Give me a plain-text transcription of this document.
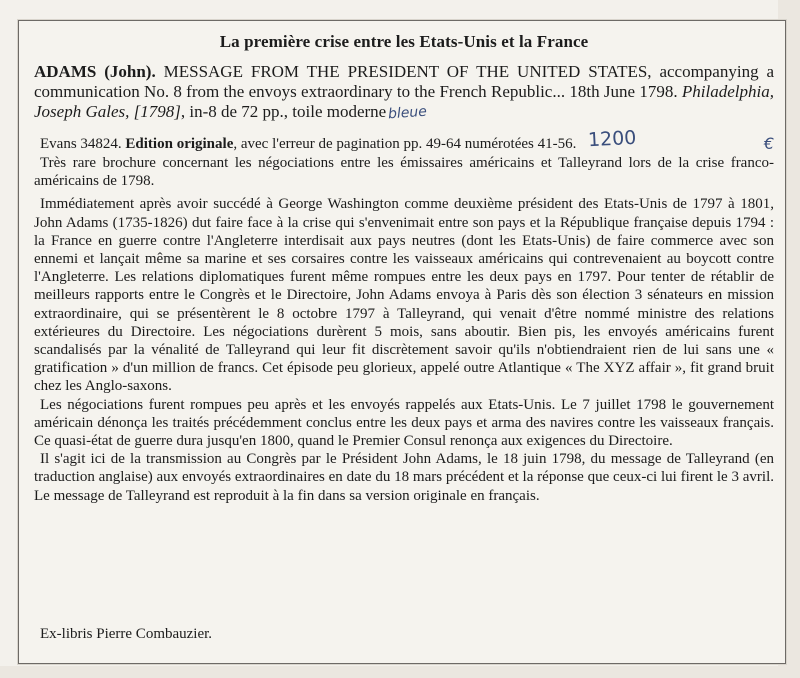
La première crise entre les Etats-Unis et la France

ADAMS (John). MESSAGE FROM THE PRESIDENT OF THE UNITED STATES, accompanying a communication No. 8 from the envoys extraordinary to the French Republic... 18th June 1798. Philadelphia, Joseph Gales, [1798], in-8 de 72 pp., toile modernebleue
€

Evans 34824. Edition originale, avec l'erreur de pagination pp. 49-64 numérotées 41-56. 1200

Très rare brochure concernant les négociations entre les émissaires américains et Talleyrand lors de la crise franco-américains de 1798.

Immédiatement après avoir succédé à George Washington comme deuxième président des Etats-Unis de 1797 à 1801, John Adams (1735-1826) dut faire face à la crise qui s'envenimait entre son pays et la République française depuis 1794 : la France en guerre contre l'Angleterre interdisait aux pays neutres (dont les Etats-Unis) de faire commerce avec son ennemi et lançait même sa marine et ses corsaires contre les vaisseaux américains qui contrevenaient au boycott contre l'Angleterre. Les relations diplomatiques furent même rompues entre les deux pays en 1797. Pour tenter de rétablir de meilleurs rapports entre le Congrès et le Directoire, John Adams envoya à Paris dès son élection 3 sénateurs en mission extraordinaire, qui se présentèrent le 8 octobre 1797 à Talleyrand, qui venait d'être nommé ministre des relations extérieures du Directoire. Les négociations durèrent 5 mois, sans aboutir. Bien pis, les envoyés américains furent scandalisés par la vénalité de Talleyrand qui leur fit discrètement savoir qu'ils n'obtiendraient rien de lui sans une « gratification » d'un million de francs. Cet épisode peu glorieux, appelé outre Atlantique « The XYZ affair », fit grand bruit chez les Anglo-saxons.

Les négociations furent rompues peu après et les envoyés rappelés aux Etats-Unis. Le 7 juillet 1798 le gouvernement américain dénonça les traités précédemment conclus entre les deux pays et arma des navires contre les vaisseaux français. Ce quasi-état de guerre dura jusqu'en 1800, quand le Premier Consul renonça aux exigences du Directoire.

Il s'agit ici de la transmission au Congrès par le Président John Adams, le 18 juin 1798, du message de Talleyrand (en traduction anglaise) aux envoyés extraordinaires en date du 18 mars précédent et la réponse que ceux-ci lui firent le 3 avril. Le message de Talleyrand est reproduit à la fin dans sa version originale en français.

Ex-libris Pierre Combauzier.
